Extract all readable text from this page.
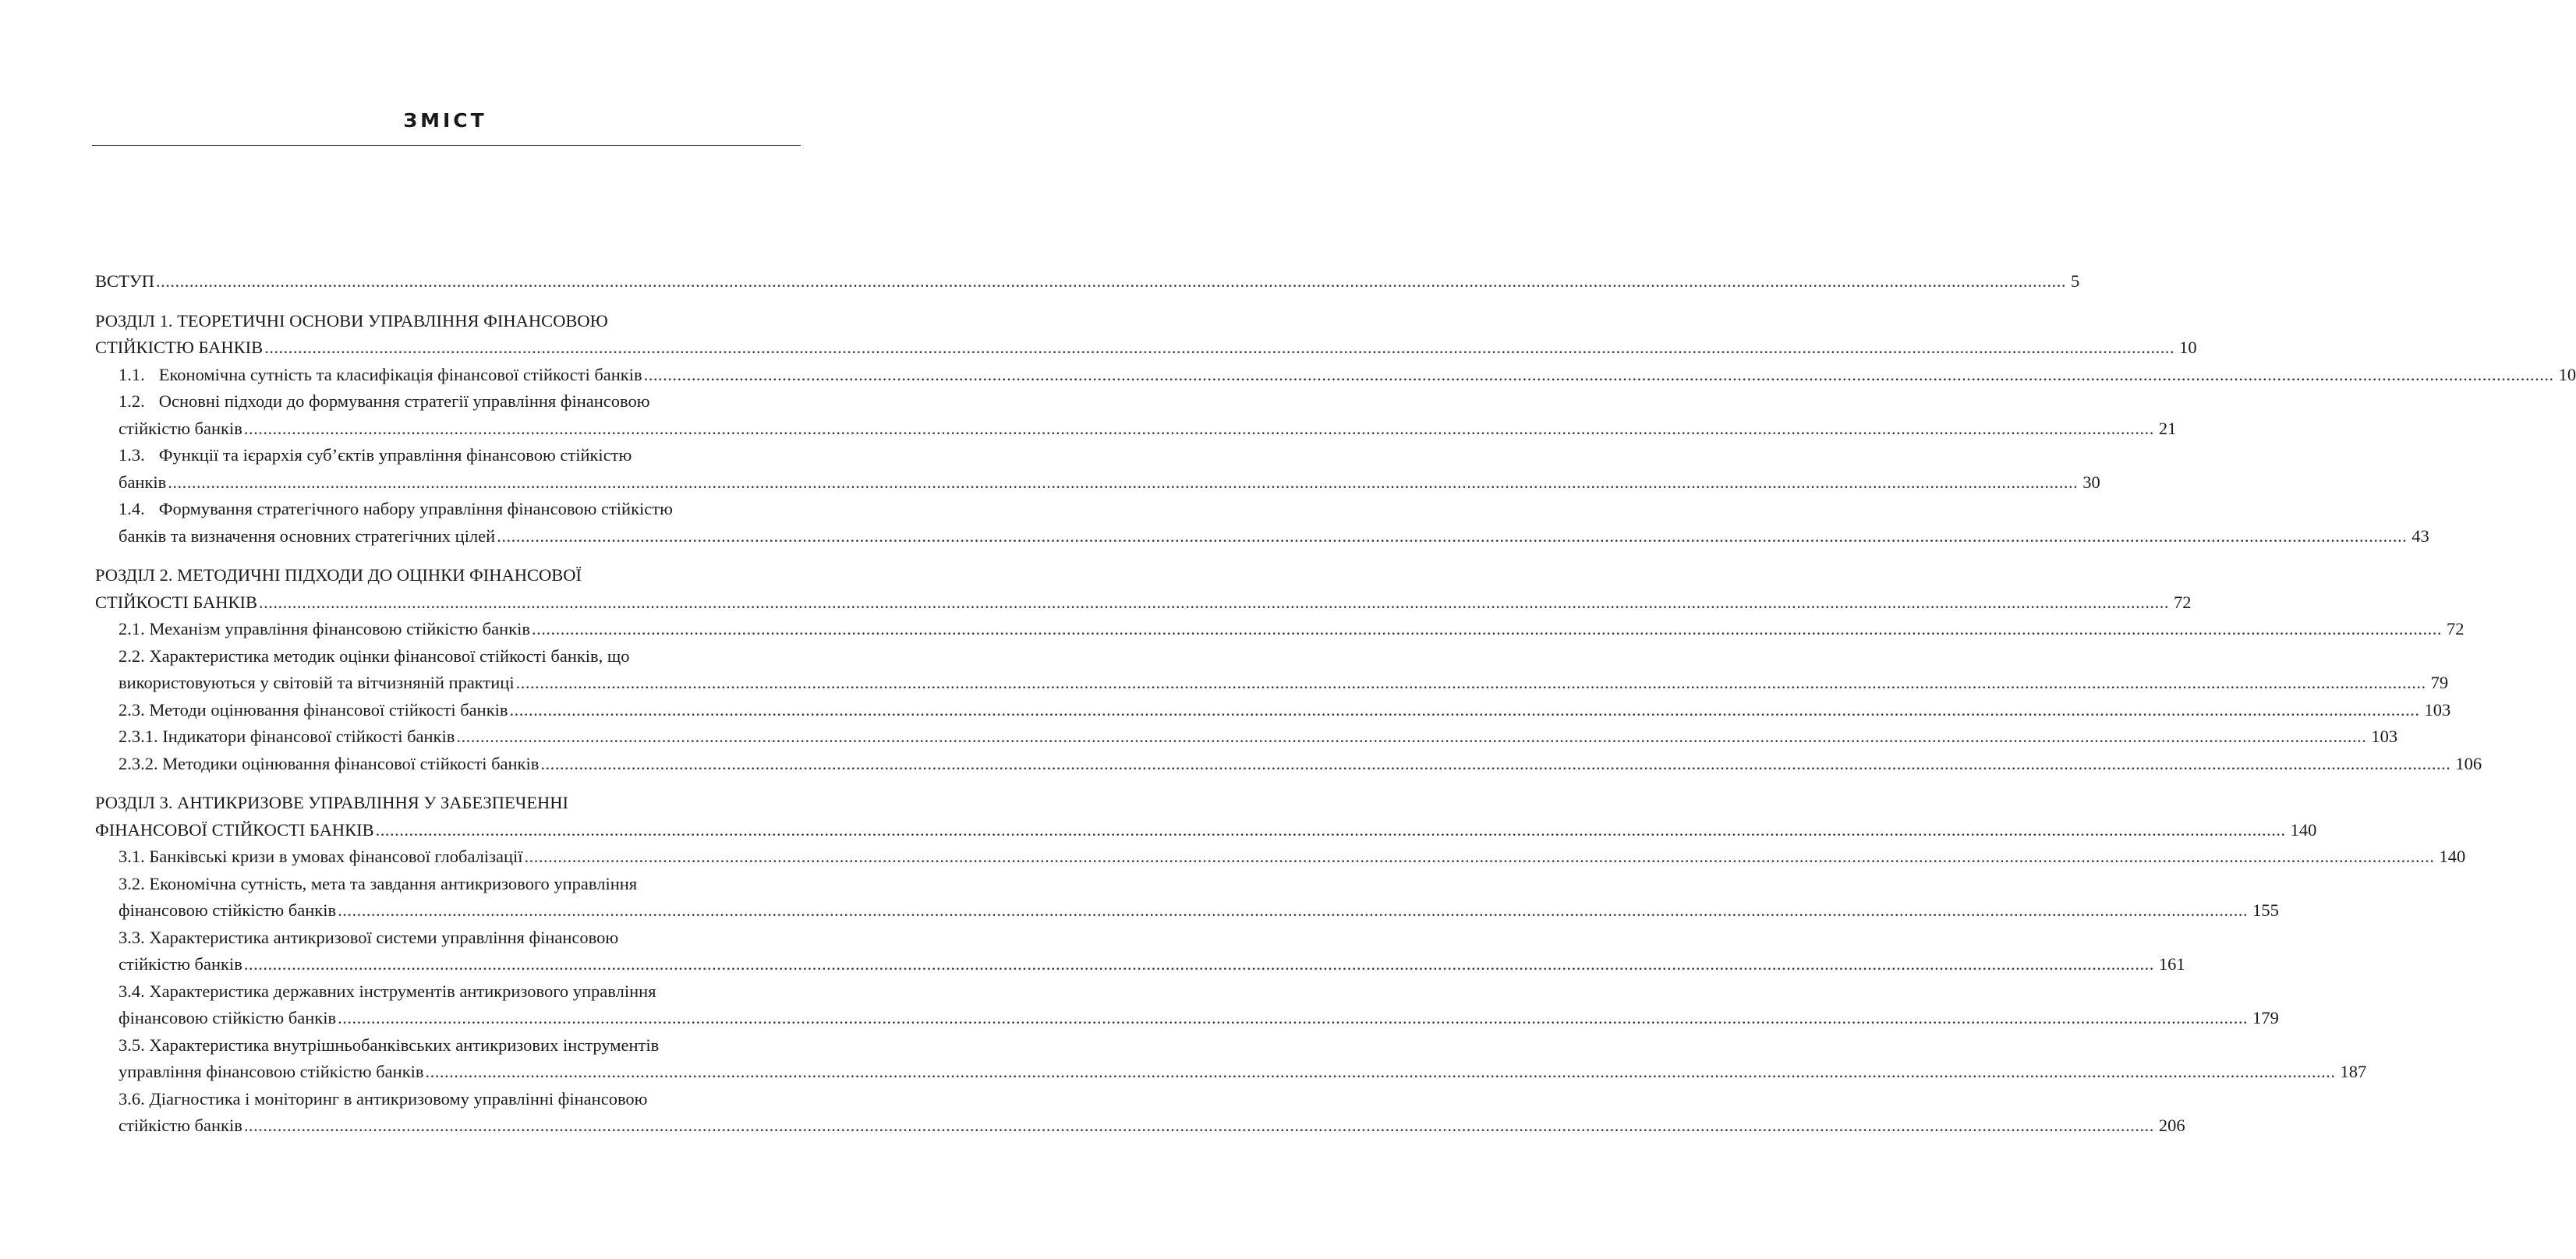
ЗМІСТ
ВСТУП ................................................................................................................................................................................................................................................................................................................................................................................................................ 5
РОЗДІЛ 1. ТЕОРЕТИЧНІ ОСНОВИ УПРАВЛІННЯ ФІНАНСОВОЮ
СТІЙКІСТЮ БАНКІВ ................................................................................................................................................................................................................................................................................................................................................................................................................ 10
1.1. Економічна сутність та класифікація фінансової стійкості банків ................................................................................................................................................................................................................................................................................................................................................................................................................ 10
1.2. Основні підходи до формування стратегії управління фінансовою
стійкістю банків ................................................................................................................................................................................................................................................................................................................................................................................................................ 21
1.3. Функції та ієрархія суб’єктів управління фінансовою стійкістю
банків ................................................................................................................................................................................................................................................................................................................................................................................................................ 30
1.4. Формування стратегічного набору управління фінансовою стійкістю
банків та визначення основних стратегічних цілей ................................................................................................................................................................................................................................................................................................................................................................................................................ 43
РОЗДІЛ 2. МЕТОДИЧНІ ПІДХОДИ ДО ОЦІНКИ ФІНАНСОВОЇ
СТІЙКОСТІ БАНКІВ ................................................................................................................................................................................................................................................................................................................................................................................................................ 72
2.1. Механізм управління фінансовою стійкістю банків ................................................................................................................................................................................................................................................................................................................................................................................................................ 72
2.2. Характеристика методик оцінки фінансової стійкості банків, що
використовуються у світовій та вітчизняній практиці ................................................................................................................................................................................................................................................................................................................................................................................................................ 79
2.3. Методи оцінювання фінансової стійкості банків ................................................................................................................................................................................................................................................................................................................................................................................................................ 103
2.3.1. Індикатори фінансової стійкості банків ................................................................................................................................................................................................................................................................................................................................................................................................................ 103
2.3.2. Методики оцінювання фінансової стійкості банків ................................................................................................................................................................................................................................................................................................................................................................................................................ 106
РОЗДІЛ 3. АНТИКРИЗОВЕ УПРАВЛІННЯ У ЗАБЕЗПЕЧЕННІ
ФІНАНСОВОЇ СТІЙКОСТІ БАНКІВ ................................................................................................................................................................................................................................................................................................................................................................................................................ 140
3.1. Банківські кризи в умовах фінансової глобалізації ................................................................................................................................................................................................................................................................................................................................................................................................................ 140
3.2. Економічна сутність, мета та завдання антикризового управління
фінансовою стійкістю банків ................................................................................................................................................................................................................................................................................................................................................................................................................ 155
3.3. Характеристика антикризової системи управління фінансовою
стійкістю банків ................................................................................................................................................................................................................................................................................................................................................................................................................ 161
3.4. Характеристика державних інструментів антикризового управління
фінансовою стійкістю банків ................................................................................................................................................................................................................................................................................................................................................................................................................ 179
3.5. Характеристика внутрішньобанківських антикризових інструментів
управління фінансовою стійкістю банків ................................................................................................................................................................................................................................................................................................................................................................................................................ 187
3.6. Діагностика і моніторинг в антикризовому управлінні фінансовою
стійкістю банків ................................................................................................................................................................................................................................................................................................................................................................................................................ 206
